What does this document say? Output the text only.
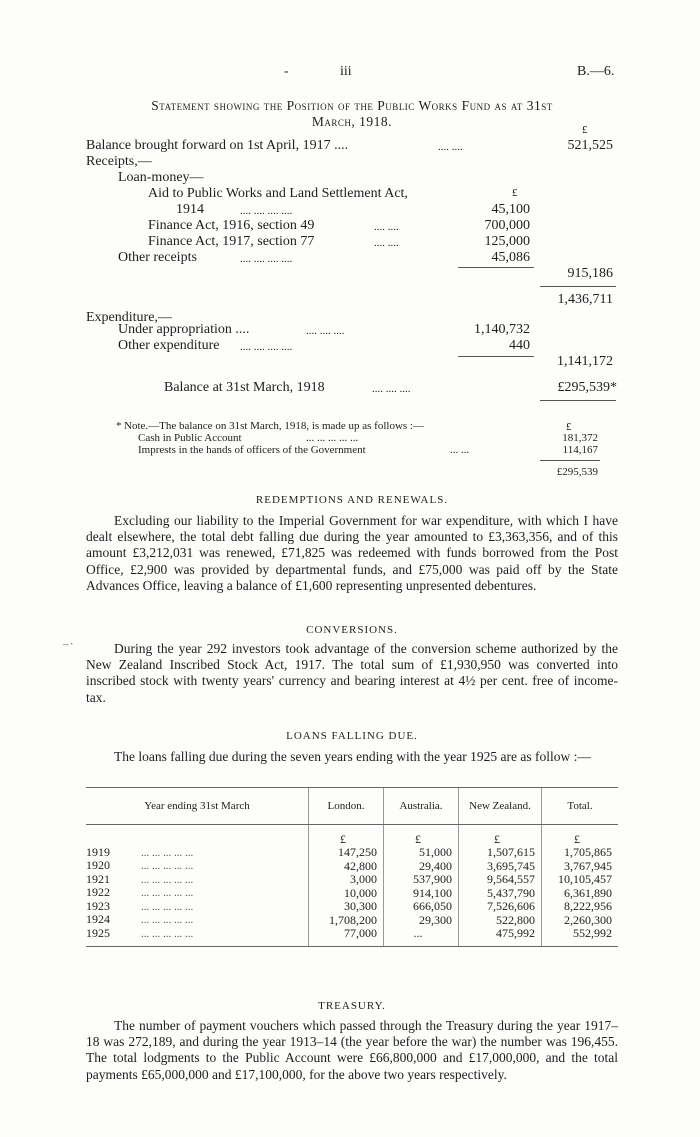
-	iii	B.—6.
Statement showing the Position of the Public Works Fund as at 31st
March, 1918.
£
Balance brought forward on 1st April, 1917 ....	.... ....	521,525
Receipts,—
Loan-money—
Aid to Public Works and Land Settlement Act,	£
1914	.... .... .... ....	45,100
Finance Act, 1916, section 49	.... ....	700,000
Finance Act, 1917, section 77	.... ....	125,000
Other receipts	.... .... .... ....	45,086
915,186
1,436,711
Expenditure,—
Under appropriation ....	.... .... ....	1,140,732
Other expenditure .... .... .... ....	440
1,141,172
Balance at 31st March, 1918	.... .... ....	£295,539*
* Note.—The balance on 31st March, 1918, is made up as follows :—	£
Cash in Public Account	... ... ... ... ...	181,372
Imprests in the hands of officers of the Government	... ...	114,167
£295,539
REDEMPTIONS AND RENEWALS.
Excluding our liability to the Imperial Government for war expenditure, with which I have dealt elsewhere, the total debt falling due during the year amounted to £3,363,356, and of this amount £3,212,031 was renewed, £71,825 was redeemed with funds borrowed from the Post Office, £2,900 was provided by departmental funds, and £75,000 was paid off by the State Advances Office, leaving a balance of £1,600 representing unpresented debentures.
⁻˙
CONVERSIONS.
During the year 292 investors took advantage of the conversion scheme authorized by the New Zealand Inscribed Stock Act, 1917. The total sum of £1,930,950 was converted into inscribed stock with twenty years' currency and bearing interest at 4½ per cent. free of income-tax.
LOANS FALLING DUE.
The loans falling due during the seven years ending with the year 1925 are as follow :—
Year ending 31st March	London.	Australia.	New Zealand.	Total.
	£	£	£	£
1919 ... ... ... ... ...	147,250	51,000	1,507,615	1,705,865
1920 ... ... ... ... ...	42,800	29,400	3,695,745	3,767,945
1921 ... ... ... ... ...	3,000	537,900	9,564,557	10,105,457
1922 ... ... ... ... ...	10,000	914,100	5,437,790	6,361,890
1923 ... ... ... ... ...	30,300	666,050	7,526,606	8,222,956
1924 ... ... ... ... ...	1,708,200	29,300	522,800	2,260,300
1925 ... ... ... ... ...	77,000	...	475,992	552,992
TREASURY.
The number of payment vouchers which passed through the Treasury during the year 1917–18 was 272,189, and during the year 1913–14 (the year before the war) the number was 196,455. The total lodgments to the Public Account were £66,800,000 and £17,000,000, and the total payments £65,000,000 and £17,100,000, for the above two years respectively.
